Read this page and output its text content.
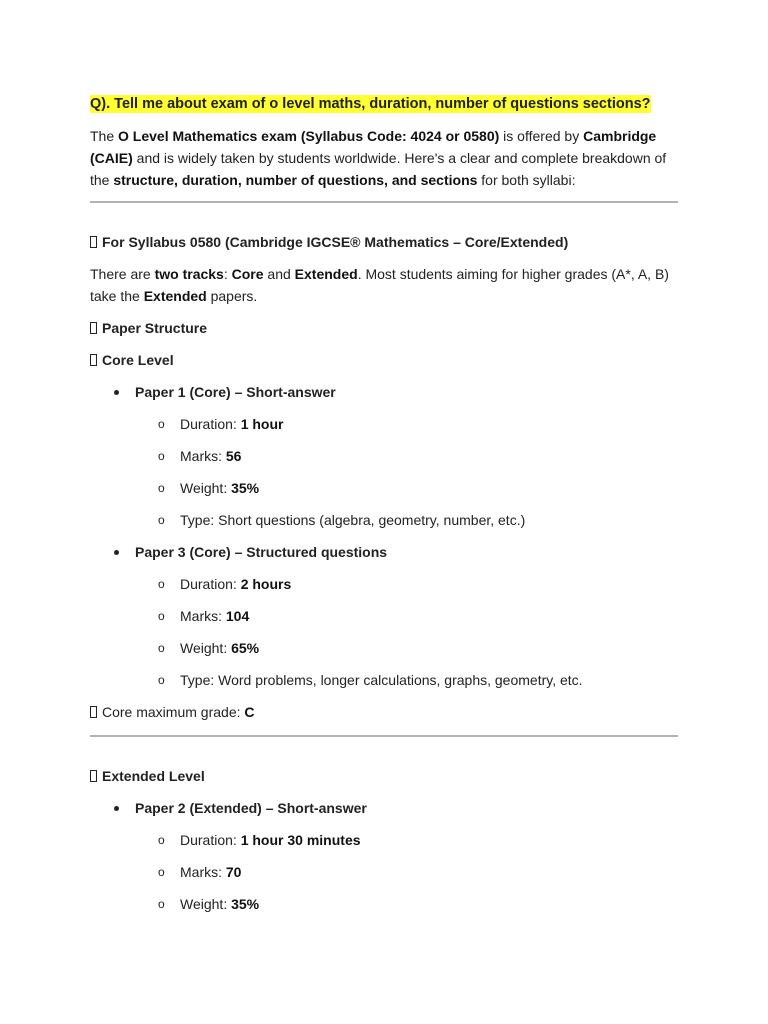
Q). Tell me about exam of o level maths, duration, number of questions sections?

The O Level Mathematics exam (Syllabus Code: 4024 or 0580) is offered by Cambridge (CAIE) and is widely taken by students worldwide. Here's a clear and complete breakdown of the structure, duration, number of questions, and sections for both syllabi:

For Syllabus 0580 (Cambridge IGCSE® Mathematics – Core/Extended)

There are two tracks: Core and Extended. Most students aiming for higher grades (A*, A, B) take the Extended papers.

Paper Structure
Core Level
Paper 1 (Core) – Short-answer
o Duration: 1 hour
o Marks: 56
o Weight: 35%
o Type: Short questions (algebra, geometry, number, etc.)
Paper 3 (Core) – Structured questions
o Duration: 2 hours
o Marks: 104
o Weight: 65%
o Type: Word problems, longer calculations, graphs, geometry, etc.

Core maximum grade: C

Extended Level
Paper 2 (Extended) – Short-answer
o Duration: 1 hour 30 minutes
o Marks: 70
o Weight: 35%
